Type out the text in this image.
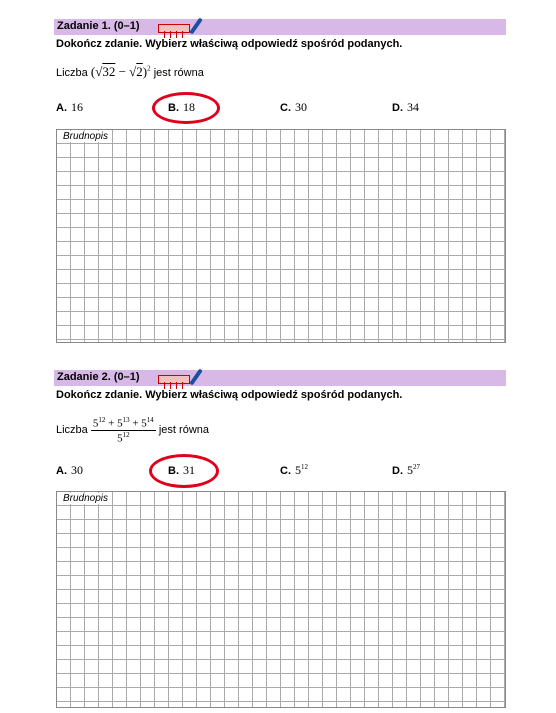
Zadanie 1. (0–1)
Dokończ zdanie. Wybierz właściwą odpowiedź spośród podanych.
Liczba $(√32 - √2)^2$ jest równa
A. 16	B. 18	C. 30	D. 34
Brudnopis
Zadanie 2. (0–1)
Dokończ zdanie. Wybierz właściwą odpowiedź spośród podanych.
Liczba $\frac{5^{12} + 5^{13} + 5^{14}}{5^{12}}$ jest równa
A. 30	B. 31	C. $5^{12}$	D. $5^{27}$
Brudnopis
